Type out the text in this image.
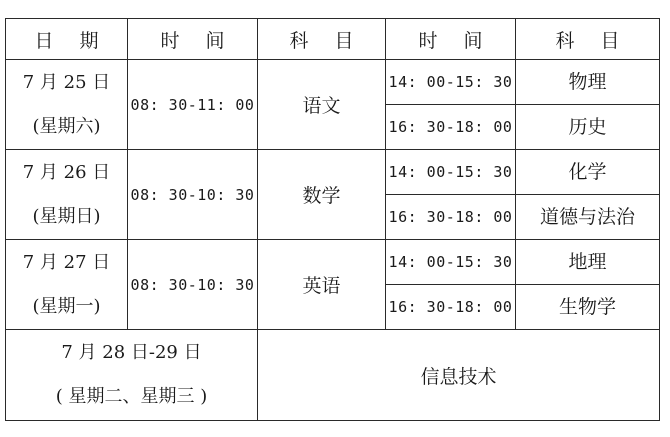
日 期	时 间	科 目	时 间	科 目

7 月 25 日
(星期六)	08: 30-11: 00	语文	14: 00-15: 30	物理
			16: 30-18: 00	历史

7 月 26 日
(星期日)	08: 30-10: 30	数学	14: 00-15: 30	化学
			16: 30-18: 00	道德与法治

7 月 27 日
(星期一)	08: 30-10: 30	英语	14: 00-15: 30	地理
			16: 30-18: 00	生物学

7 月 28 日-29 日
( 星期二、星期三 )		信息技术		
